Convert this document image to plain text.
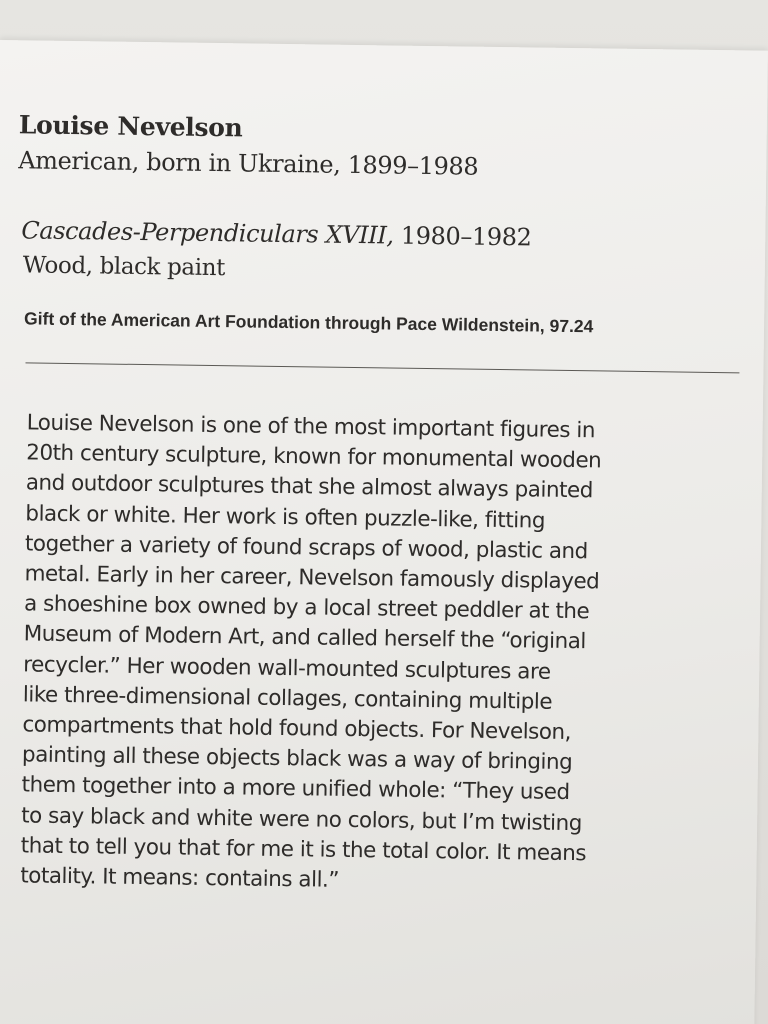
Louise Nevelson

American, born in Ukraine, 1899–1988

Cascades-Perpendiculars XVIII, 1980–1982

Wood, black paint

Gift of the American Art Foundation through Pace Wildenstein, 97.24

Louise Nevelson is one of the most important figures in
20th century sculpture, known for monumental wooden
and outdoor sculptures that she almost always painted
black or white. Her work is often puzzle-like, fitting
together a variety of found scraps of wood, plastic and
metal. Early in her career, Nevelson famously displayed
a shoeshine box owned by a local street peddler at the
Museum of Modern Art, and called herself the “original
recycler.” Her wooden wall-mounted sculptures are
like three-dimensional collages, containing multiple
compartments that hold found objects. For Nevelson,
painting all these objects black was a way of bringing
them together into a more unified whole: “They used
to say black and white were no colors, but I’m twisting
that to tell you that for me it is the total color. It means
totality. It means: contains all.”
